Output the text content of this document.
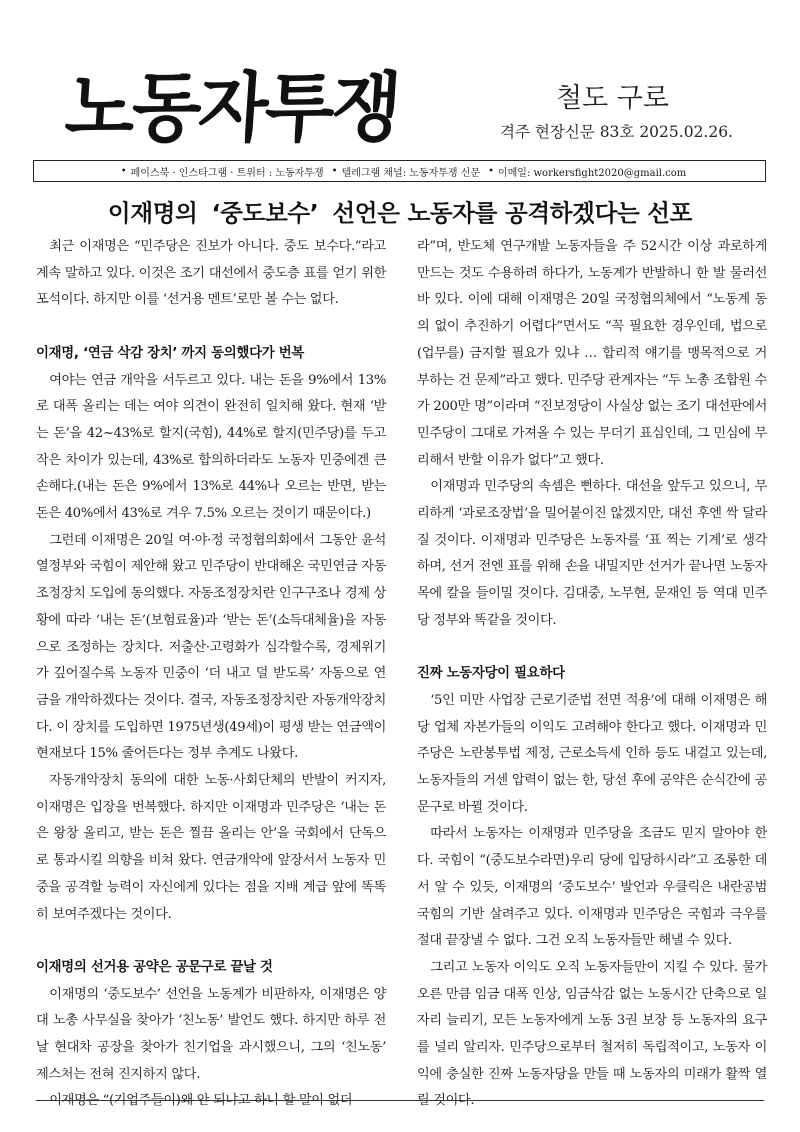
노동자투쟁	철도 구로
격주 현장신문 83호 2025.02.26.
• 페이스북 · 인스타그램 · 트위터 : 노동자투쟁 • 텔레그램 채널: 노동자투쟁 신문 • 이메일: workersfight2020@gmail.com
이재명의 ‘중도보수’ 선언은 노동자를 공격하겠다는 선포

최근 이재명은 “민주당은 진보가 아니다. 중도 보수다.”라고 계속 말하고 있다. 이것은 조기 대선에서 중도층 표를 얻기 위한 포석이다. 하지만 이를 ‘선거용 멘트’로만 볼 수는 없다.

이재명, ‘연금 삭감 장치’ 까지 동의했다가 번복

여야는 연금 개악을 서두르고 있다. 내는 돈을 9%에서 13%로 대폭 올리는 데는 여야 의견이 완전히 일치해 왔다. 현재 ‘받는 돈’을 42~43%로 할지(국힘), 44%로 할지(민주당)를 두고 작은 차이가 있는데, 43%로 합의하더라도 노동자 민중에겐 큰 손해다.(내는 돈은 9%에서 13%로 44%나 오르는 반면, 받는 돈은 40%에서 43%로 겨우 7.5% 오르는 것이기 때문이다.)

그런데 이재명은 20일 여·야·정 국정협의회에서 그동안 윤석열정부와 국힘이 제안해 왔고 민주당이 반대해온 국민연금 자동조정장치 도입에 동의했다. 자동조정장치란 인구구조나 경제 상황에 따라 ‘내는 돈’(보험료율)과 ‘받는 돈’(소득대체율)을 자동으로 조정하는 장치다. 저출산·고령화가 심각할수록, 경제위기가 깊어질수록 노동자 민중이 ‘더 내고 덜 받도록’ 자동으로 연금을 개악하겠다는 것이다. 결국, 자동조정장치란 자동개악장치다. 이 장치를 도입하면 1975년생(49세)이 평생 받는 연금액이 현재보다 15% 줄어든다는 정부 추계도 나왔다.

자동개악장치 동의에 대한 노동·사회단체의 반발이 커지자, 이재명은 입장을 번복했다. 하지만 이재명과 민주당은 ‘내는 돈은 왕창 올리고, 받는 돈은 찔끔 올리는 안’을 국회에서 단독으로 통과시킬 의향을 비쳐 왔다. 연금개악에 앞장서서 노동자 민중을 공격할 능력이 자신에게 있다는 점을 지배 계급 앞에 똑똑히 보여주겠다는 것이다.

이재명의 선거용 공약은 공문구로 끝날 것

이재명의 ‘중도보수’ 선언을 노동계가 비판하자, 이재명은 양대 노총 사무실을 찾아가 ‘친노동’ 발언도 했다. 하지만 하루 전날 현대차 공장을 찾아가 친기업을 과시했으니, 그의 ‘친노동’ 제스처는 전혀 진지하지 않다.

이재명은 “(기업주들이)왜 안 되냐고 하니 할 말이 없더

라”며, 반도체 연구개발 노동자들을 주 52시간 이상 과로하게 만드는 것도 수용하려 하다가, 노동계가 반발하니 한 발 물러선 바 있다. 이에 대해 이재명은 20일 국정협의체에서 “노동계 동의 없이 추진하기 어렵다”면서도 “꼭 필요한 경우인데, 법으로 (업무를) 금지할 필요가 있냐 … 합리적 얘기를 맹목적으로 거부하는 건 문제”라고 했다. 민주당 관계자는 “두 노총 조합원 수가 200만 명”이라며 “진보정당이 사실상 없는 조기 대선판에서 민주당이 그대로 가져올 수 있는 무더기 표심인데, 그 민심에 무리해서 반할 이유가 없다”고 했다.

이재명과 민주당의 속셈은 뻔하다. 대선을 앞두고 있으니, 무리하게 ‘과로조장법’을 밀어붙이진 않겠지만, 대선 후엔 싹 달라질 것이다. 이재명과 민주당은 노동자를 ‘표 찍는 기계’로 생각하며, 선거 전엔 표를 위해 손을 내밀지만 선거가 끝나면 노동자 목에 칼을 들이밀 것이다. 김대중, 노무현, 문재인 등 역대 민주당 정부와 똑같을 것이다.

진짜 노동자당이 필요하다

‘5인 미만 사업장 근로기준법 전면 적용’에 대해 이재명은 해당 업체 자본가들의 이익도 고려해야 한다고 했다. 이재명과 민주당은 노란봉투법 제정, 근로소득세 인하 등도 내걸고 있는데, 노동자들의 거센 압력이 없는 한, 당선 후에 공약은 순식간에 공문구로 바뀔 것이다.

따라서 노동자는 이재명과 민주당을 조금도 믿지 말아야 한다. 국힘이 “(중도보수라면)우리 당에 입당하시라”고 조롱한 데서 알 수 있듯, 이재명의 ‘중도보수’ 발언과 우클릭은 내란공범 국힘의 기반 살려주고 있다. 이재명과 민주당은 국힘과 극우를 절대 끝장낼 수 없다. 그건 오직 노동자들만 해낼 수 있다.

그리고 노동자 이익도 오직 노동자들만이 지킬 수 있다. 물가 오른 만큼 임금 대폭 인상, 임금삭감 없는 노동시간 단축으로 일자리 늘리기, 모든 노동자에게 노동 3권 보장 등 노동자의 요구를 널리 알리자. 민주당으로부터 철저히 독립적이고, 노동자 이익에 충실한 진짜 노동자당을 만들 때 노동자의 미래가 활짝 열릴 것이다.
